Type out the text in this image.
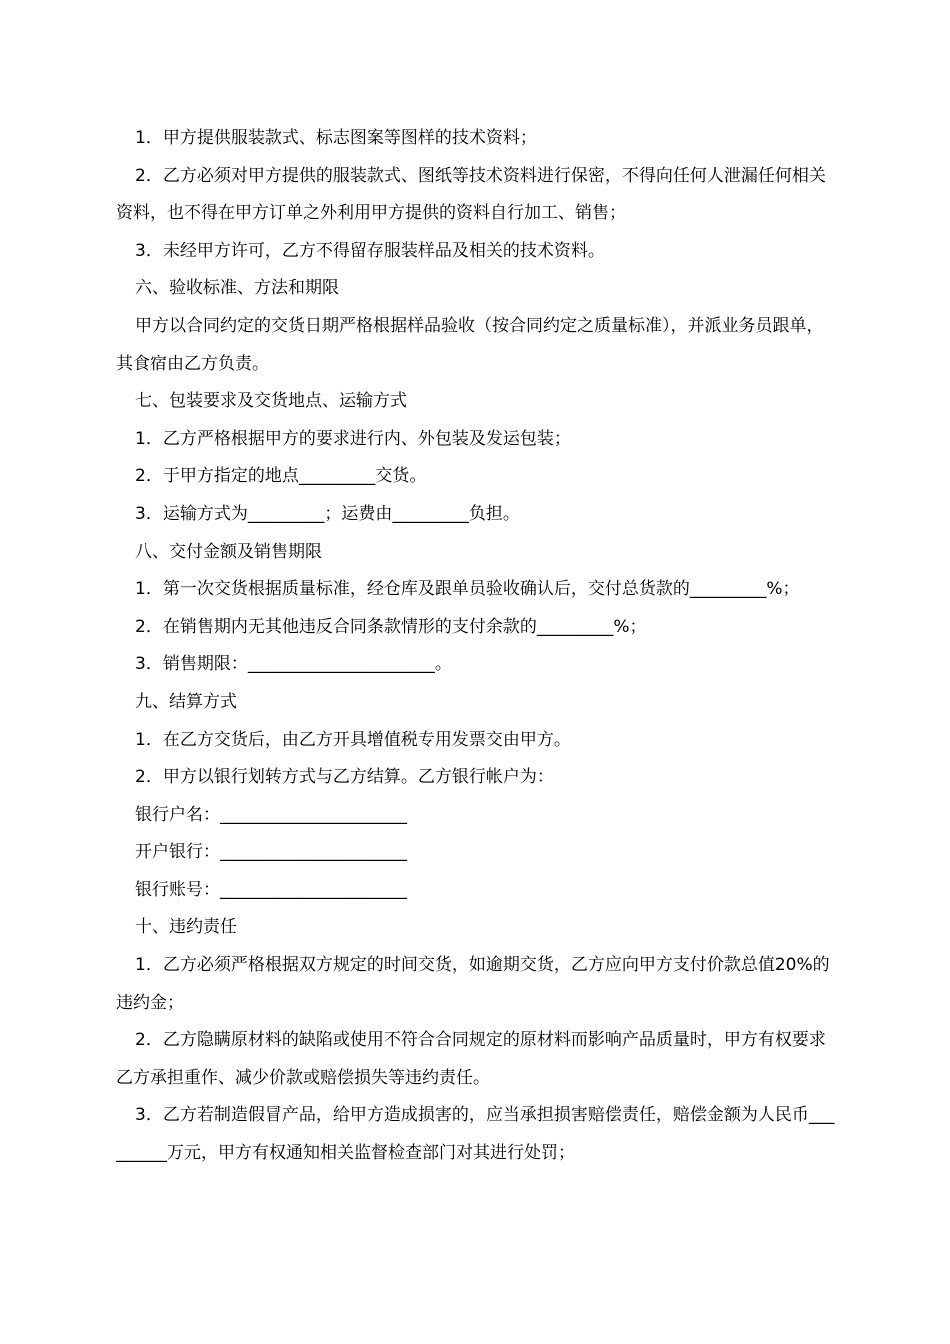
1．甲方提供服装款式、标志图案等图样的技术资料；

2．乙方必须对甲方提供的服装款式、图纸等技术资料进行保密，不得向任何人泄漏任何相关资料，也不得在甲方订单之外利用甲方提供的资料自行加工、销售；

3．未经甲方许可，乙方不得留存服装样品及相关的技术资料。

六、验收标准、方法和期限

甲方以合同约定的交货日期严格根据样品验收（按合同约定之质量标准），并派业务员跟单，其食宿由乙方负责。

七、包装要求及交货地点、运输方式

1．乙方严格根据甲方的要求进行内、外包装及发运包装；

2．于甲方指定的地点_________交货。

3．运输方式为_________；运费由_________负担。

八、交付金额及销售期限

1．第一次交货根据质量标准，经仓库及跟单员验收确认后，交付总货款的_________%；

2．在销售期内无其他违反合同条款情形的支付余款的_________%；

3．销售期限：______________________。

九、结算方式

1．在乙方交货后，由乙方开具增值税专用发票交由甲方。

2．甲方以银行划转方式与乙方结算。乙方银行帐户为：

银行户名：______________________

开户银行：______________________

银行账号：______________________

十、违约责任

1．乙方必须严格根据双方规定的时间交货，如逾期交货，乙方应向甲方支付价款总值20%的违约金；

2．乙方隐瞒原材料的缺陷或使用不符合合同规定的原材料而影响产品质量时，甲方有权要求乙方承担重作、减少价款或赔偿损失等违约责任。

3．乙方若制造假冒产品，给甲方造成损害的，应当承担损害赔偿责任，赔偿金额为人民币_________万元，甲方有权通知相关监督检查部门对其进行处罚；
